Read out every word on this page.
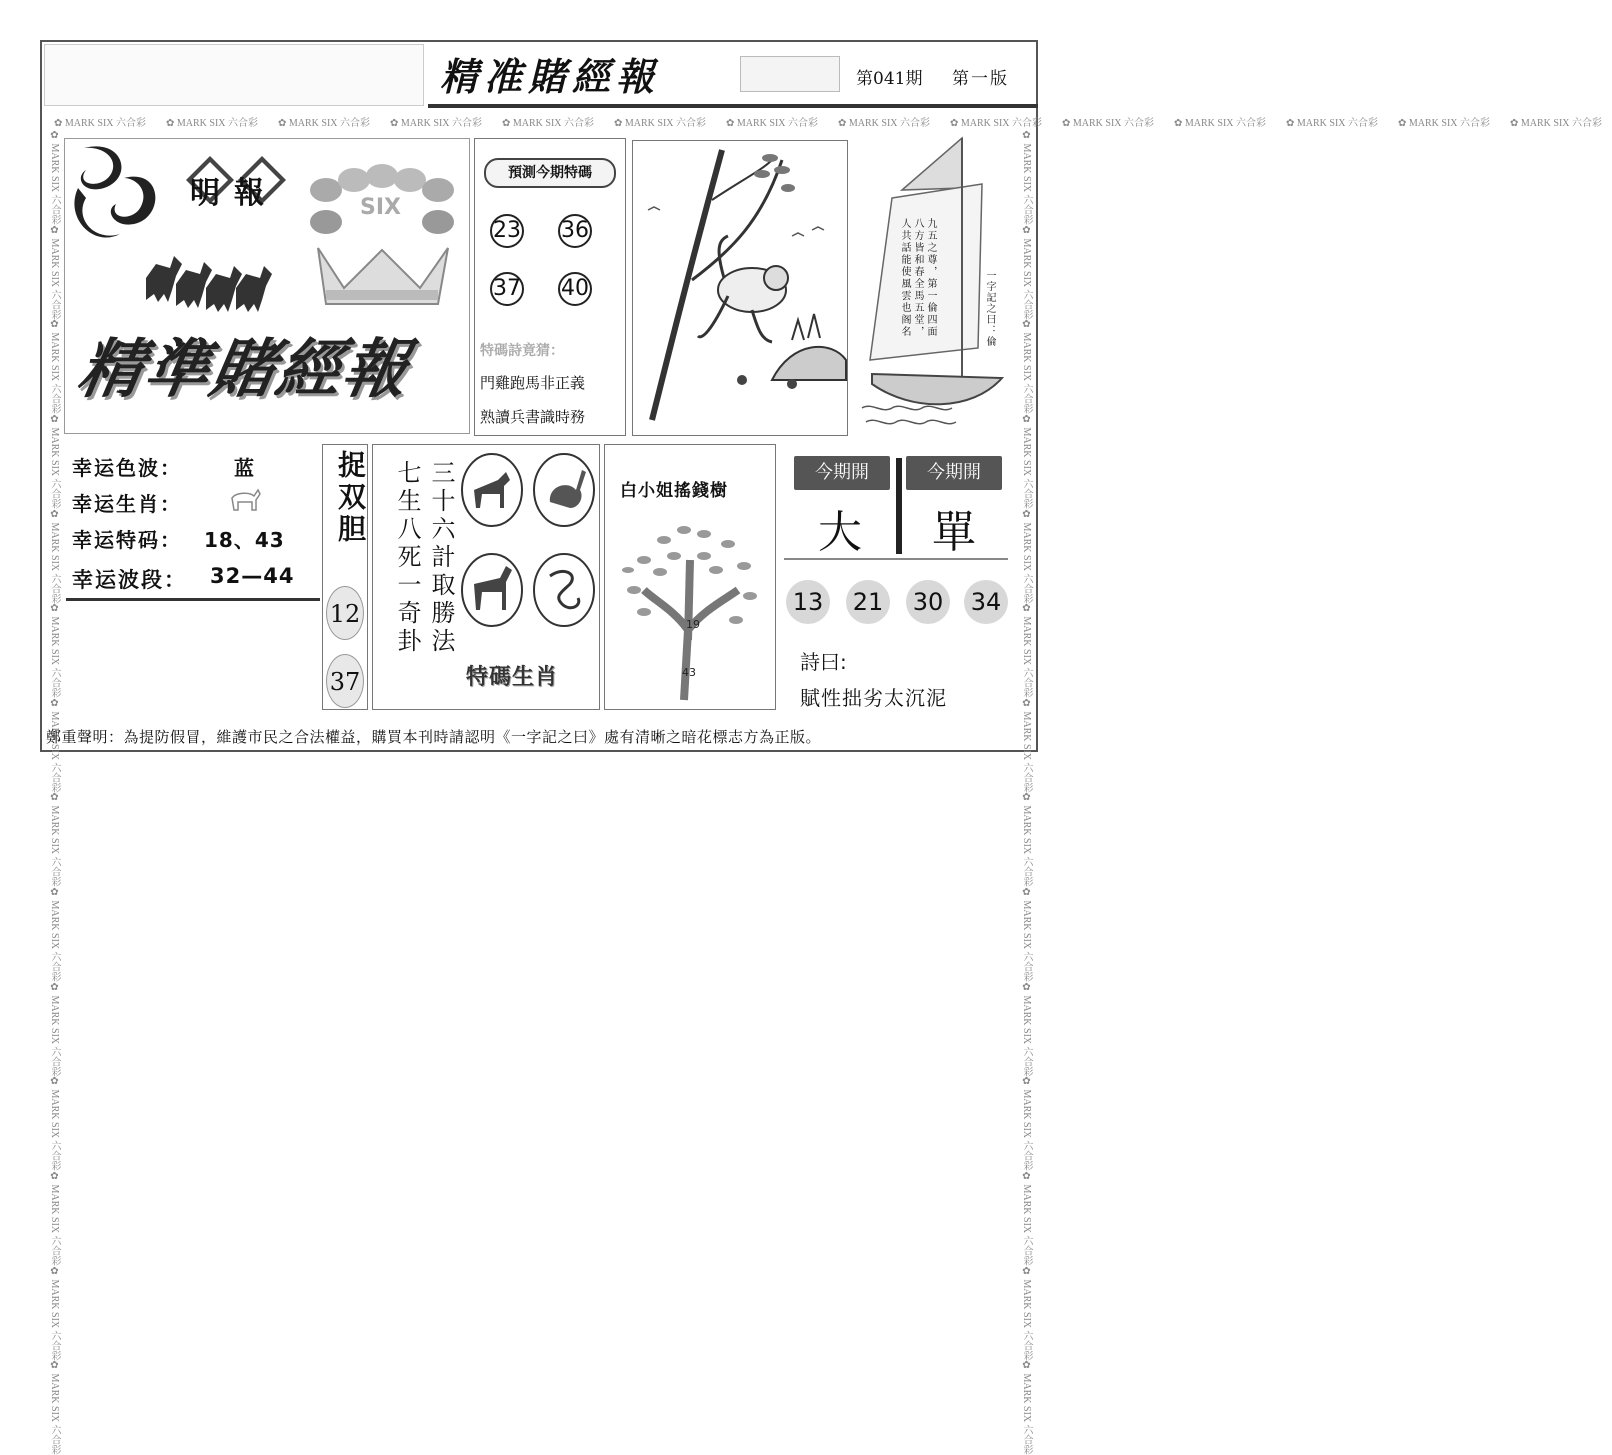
精准賭經報	第041期 第一版
✿ MARK SIX 六合彩 ✿ MARK SIX 六合彩 ✿ MARK SIX 六合彩 ✿ MARK SIX 六合彩 ✿ MARK SIX 六合彩 ✿ MARK SIX 六合彩 ✿ MARK SIX 六合彩 ✿ MARK SIX 六合彩 ✿ MARK SIX 六合彩 ✿ MARK SIX 六合彩 ✿ MARK SIX 六合彩 ✿ MARK SIX 六合彩 ✿ MARK SIX 六合彩 ✿ MARK SIX 六合彩
✿ MARK SIX 六合彩✿ MARK SIX 六合彩✿ MARK SIX 六合彩✿ MARK SIX 六合彩✿ MARK SIX 六合彩✿ MARK SIX 六合彩✿ MARK SIX 六合彩✿ MARK SIX 六合彩✿ MARK SIX 六合彩✿ MARK SIX 六合彩✿ MARK SIX 六合彩✿ MARK SIX 六合彩✿ MARK SIX 六合彩✿ MARK SIX 六合彩
✿ MARK SIX 六合彩✿ MARK SIX 六合彩✿ MARK SIX 六合彩✿ MARK SIX 六合彩✿ MARK SIX 六合彩✿ MARK SIX 六合彩✿ MARK SIX 六合彩✿ MARK SIX 六合彩✿ MARK SIX 六合彩✿ MARK SIX 六合彩✿ MARK SIX 六合彩✿ MARK SIX 六合彩✿ MARK SIX 六合彩✿ MARK SIX 六合彩
SIX
明報
精準賭經報
預測今期特碼
23 36
37 40
特碼詩竟猜：
門雞跑馬非正義
熟讀兵書識時務
九五之尊，第一倫四面八方皆和春全馬五堂，人共話能使風雲也阁名	一字記之曰：倫
幸运色波：	蓝
幸运生肖：
幸运特码： 18、43
幸运波段： 32—44
捉双胆
12
37
三十六計取勝法
七生八死一奇卦
特碼生肖
白小姐搖錢樹
19
43
今期開	今期開
大 單
13 21 30 34
詩曰:
賦性拙劣太沉泥
鄭重聲明：為提防假冒，維護市民之合法權益，購買本刊時請認明《一字記之曰》處有清晰之暗花標志方為正版。
